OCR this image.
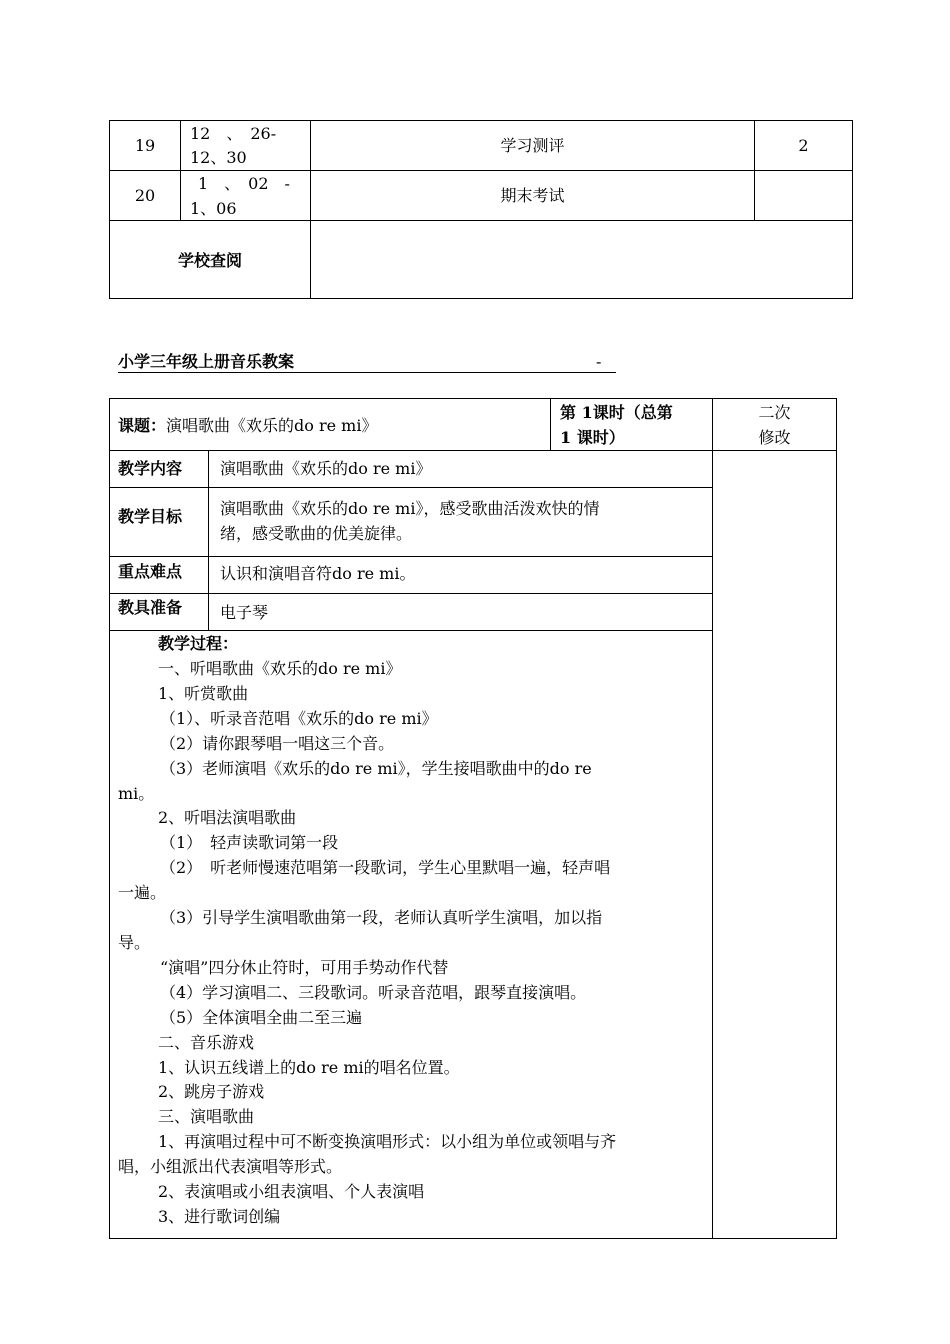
19
12　、　26-
12、30
学习测评	2
20
1　、　02　-
1、06
期末考试
学校查阅
小学三年级上册音乐教案	-
课题：演唱歌曲《欢乐的do re mi》
第 1课时（总第
1 课时）
二次
修改
教学内容 演唱歌曲《欢乐的do re mi》
教学目标 演唱歌曲《欢乐的do re mi》，感受歌曲活泼欢快的情
绪，感受歌曲的优美旋律。
重点难点 认识和演唱音符do re mi。
教具准备 电子琴
教学过程：
一、听唱歌曲《欢乐的do re mi》
1、听赏歌曲
（1）、听录音范唱《欢乐的do re mi》
（2）请你跟琴唱一唱这三个音。
（3）老师演唱《欢乐的do re mi》，学生接唱歌曲中的do re
mi。
2、听唱法演唱歌曲
（1）　轻声读歌词第一段
（2）　听老师慢速范唱第一段歌词，学生心里默唱一遍，轻声唱
一遍。
（3）引导学生演唱歌曲第一段，老师认真听学生演唱，加以指
导。
“演唱”四分休止符时，可用手势动作代替
（4）学习演唱二、三段歌词。听录音范唱，跟琴直接演唱。
（5）全体演唱全曲二至三遍
二、音乐游戏
1、认识五线谱上的do re mi的唱名位置。
2、跳房子游戏
三、演唱歌曲
1、再演唱过程中可不断变换演唱形式：以小组为单位或领唱与齐
唱，小组派出代表演唱等形式。
2、表演唱或小组表演唱、个人表演唱
3、进行歌词创编
